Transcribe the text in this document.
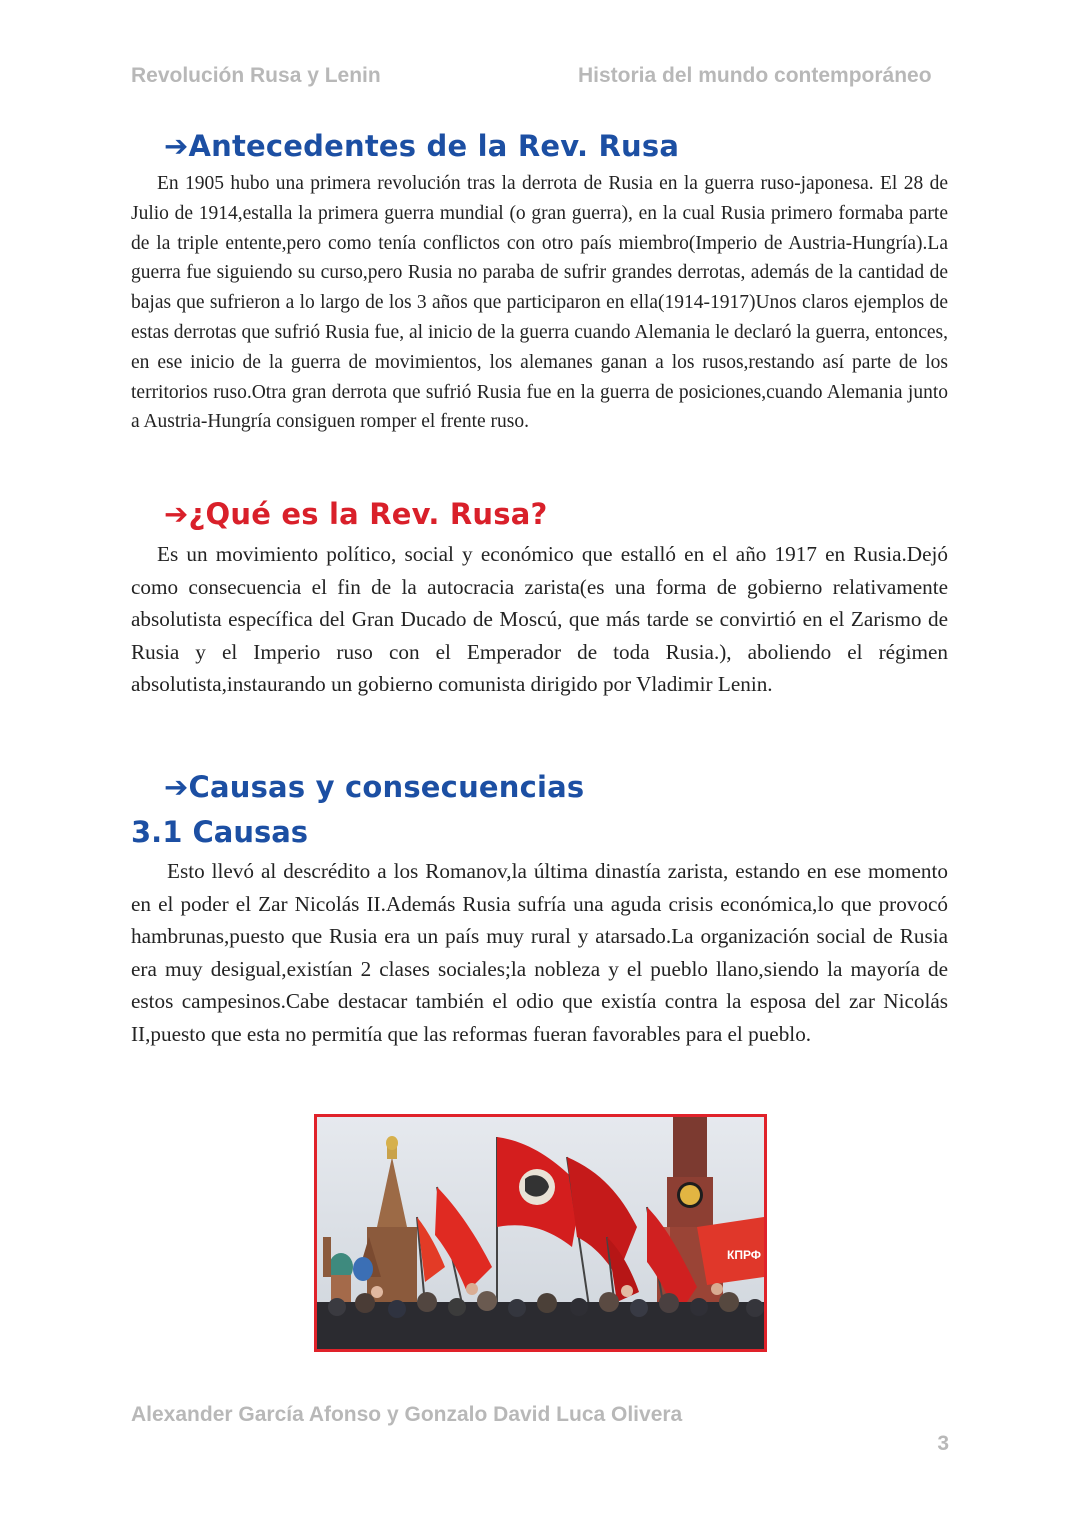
Revolución Rusa y Lenin	Historia del mundo contemporáneo
➔Antecedentes de la Rev. Rusa

En 1905 hubo una primera revolución tras la derrota de Rusia en la guerra ruso-japonesa. El 28 de Julio de 1914,estalla la primera guerra mundial (o gran guerra), en la cual Rusia primero formaba parte de la triple entente,pero como tenía conflictos con otro país miembro(Imperio de Austria-Hungría).La guerra fue siguiendo su curso,pero Rusia no paraba de sufrir grandes derrotas, además de la cantidad de bajas que sufrieron a lo largo de los 3 años que participaron en ella(1914-1917)Unos claros ejemplos de estas derrotas que sufrió Rusia fue, al inicio de la guerra cuando Alemania le declaró la guerra, entonces, en ese inicio de la guerra de movimientos, los alemanes ganan a los rusos,restando así parte de los territorios ruso.Otra gran derrota que sufrió Rusia fue en la guerra de posiciones,cuando Alemania junto a Austria-Hungría consiguen romper el frente ruso.

➔¿Qué es la Rev. Rusa?

Es un movimiento político, social y económico que estalló en el año 1917 en Rusia.Dejó como consecuencia el fin de la autocracia zarista(es una forma de gobierno relativamente absolutista específica del Gran Ducado de Moscú, que más tarde se convirtió en el Zarismo de Rusia y el Imperio ruso con el Emperador de toda Rusia.), aboliendo el régimen absolutista,instaurando un gobierno comunista dirigido por Vladimir Lenin.

➔Causas y consecuencias
3.1 Causas

Esto llevó al descrédito a los Romanov,la última dinastía zarista, estando en ese momento en el poder el Zar Nicolás II.Además Rusia sufría una aguda crisis económica,lo que provocó hambrunas,puesto que Rusia era un país muy rural y atarsado.La organización social de Rusia era muy desigual,existían 2 clases sociales;la nobleza y el pueblo llano,siendo la mayoría de estos campesinos.Cabe destacar también el odio que existía contra la esposa del zar Nicolás II,puesto que esta no permitía que las reformas fueran favorables para el pueblo.

КПРФ
Alexander García Afonso y Gonzalo David Luca Olivera
3
